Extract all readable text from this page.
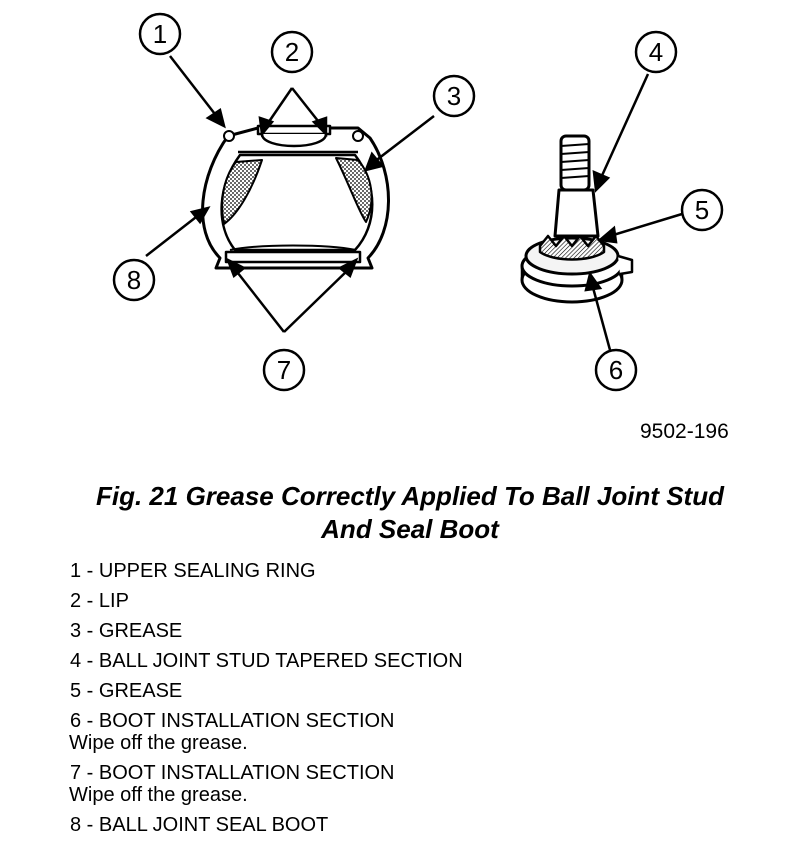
1
2
3
4
5
6
7
8
9502-196
Fig. 21 Grease Correctly Applied To Ball Joint Stud
And Seal Boot
1 - UPPER SEALING RING
2 - LIP
3 - GREASE
4 - BALL JOINT STUD TAPERED SECTION
5 - GREASE
6 - BOOT INSTALLATION SECTION
Wipe off the grease.
7 - BOOT INSTALLATION SECTION
Wipe off the grease.
8 - BALL JOINT SEAL BOOT
